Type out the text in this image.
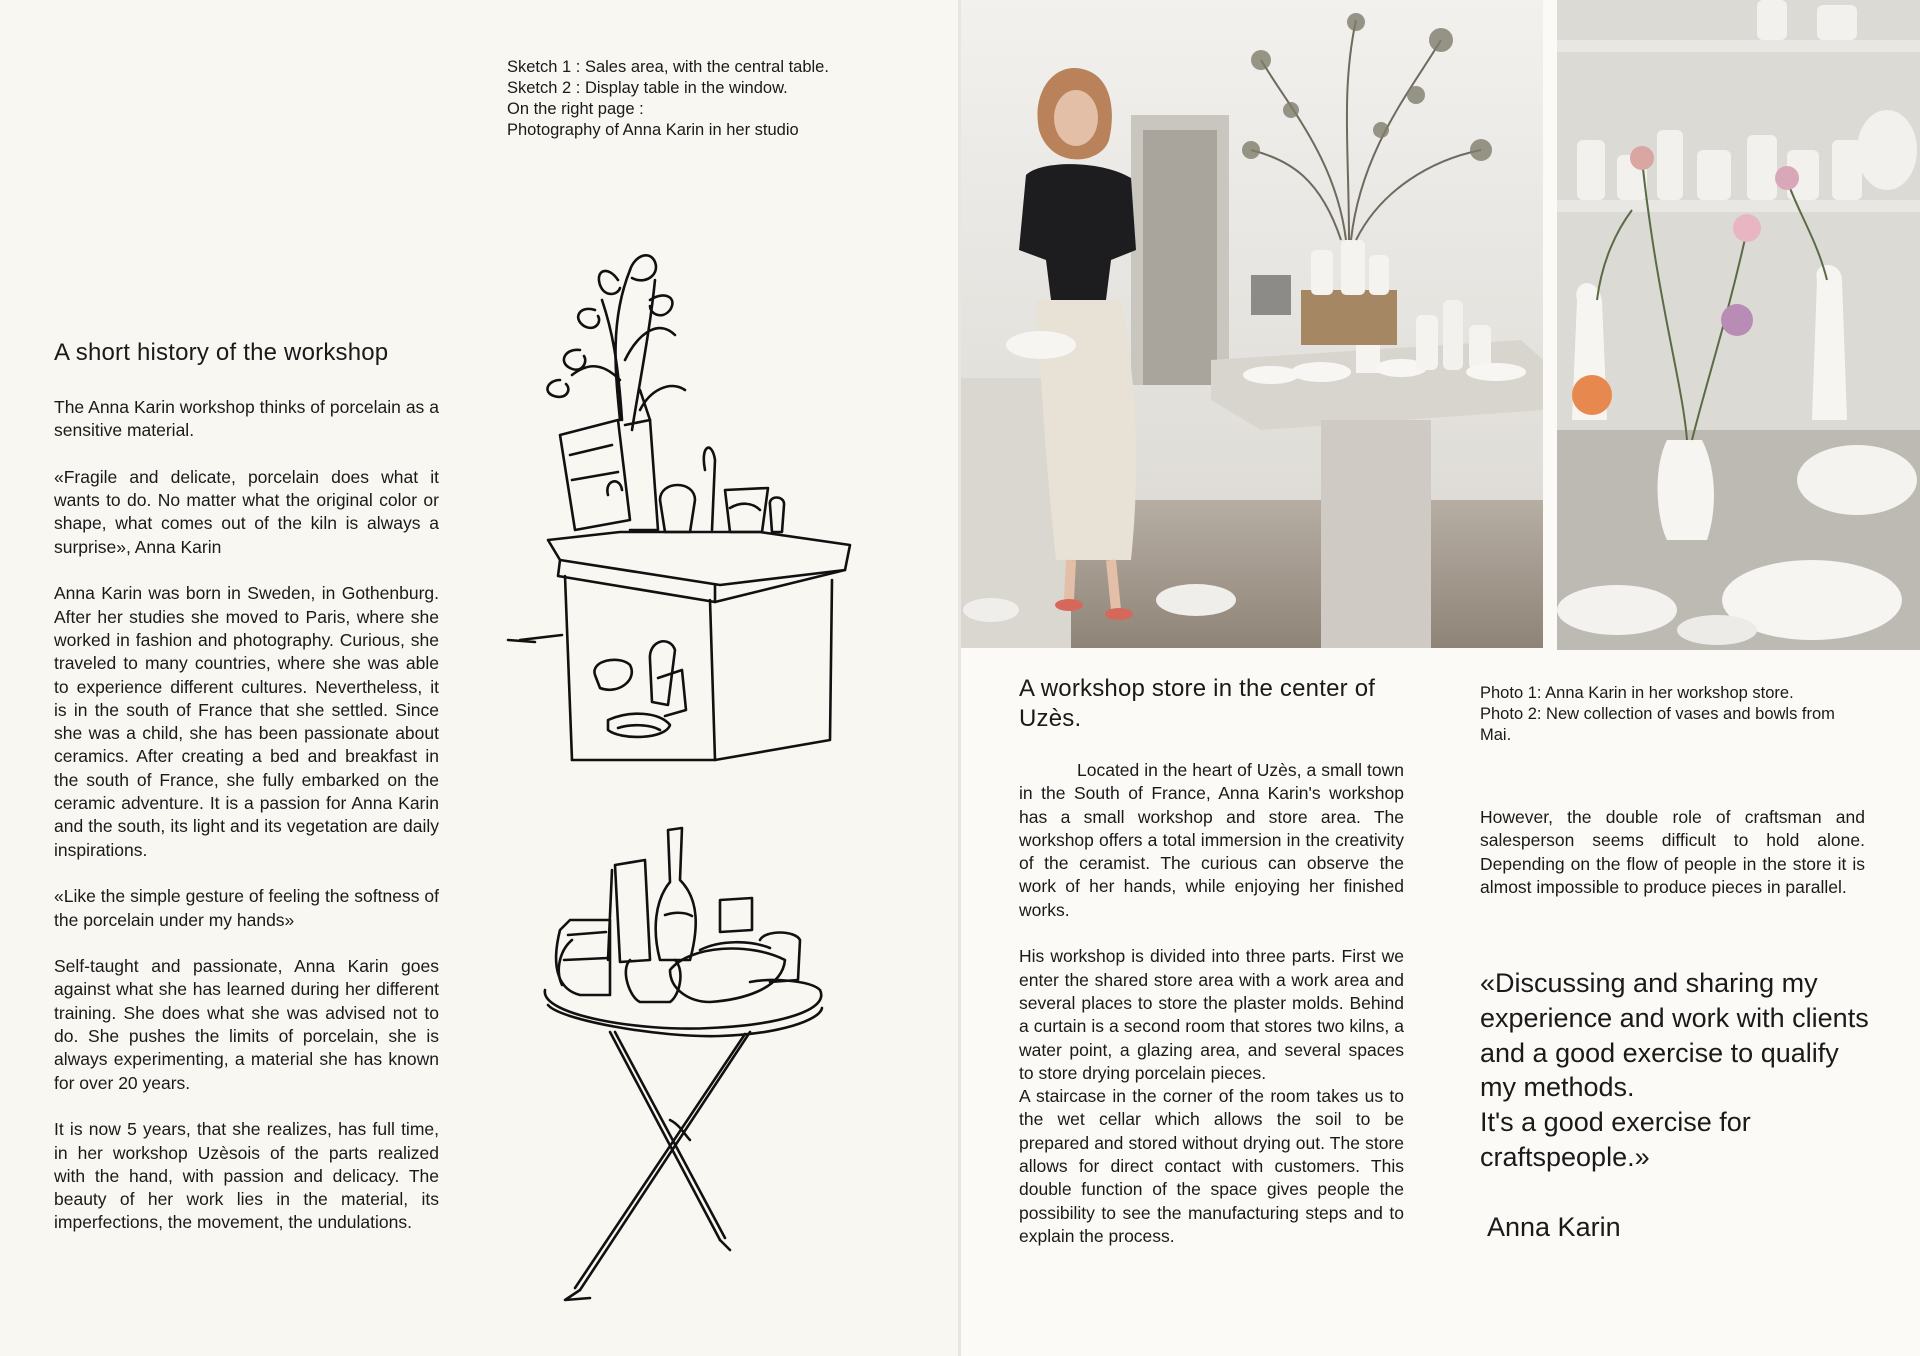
Sketch 1 : Sales area, with the central table.
Sketch 2 : Display table in the window.
On the right page :
Photography of Anna Karin in her studio
A short history of the workshop

The Anna Karin workshop thinks of porcelain as a sensitive material.

«Fragile and delicate, porcelain does what it wants to do. No matter what the original color or shape, what comes out of the kiln is always a surprise», Anna Karin

Anna Karin was born in Sweden, in Gothenburg. After her studies she moved to Paris, where she worked in fashion and photography. Curious, she traveled to many countries, where she was able to experience different cultures. Nevertheless, it is in the south of France that she settled. Since she was a child, she has been passionate about ceramics. After creating a bed and breakfast in the south of France, she fully embarked on the ceramic adventure. It is a passion for Anna Karin and the south, its light and its vegetation are daily inspirations.

«Like the simple gesture of feeling the softness of the porcelain under my hands»

Self-taught and passionate, Anna Karin goes against what she has learned during her different training. She does what she was advised not to do. She pushes the limits of porcelain, she is always experimenting, a material she has known for over 20 years.

It is now 5 years, that she realizes, has full time, in her workshop Uzèsois of the parts realized with the hand, with passion and delicacy. The beauty of her work lies in the material, its imperfections, the movement, the undulations.

A workshop store in the center of Uzès.

Located in the heart of Uzès, a small town in the South of France, Anna Karin's workshop has a small workshop and store area. The workshop offers a total immersion in the creativity of the ceramist. The curious can observe the work of her hands, while enjoying her finished works.

His workshop is divided into three parts. First we enter the shared store area with a work area and several places to store the plaster molds. Behind a curtain is a second room that stores two kilns, a water point, a glazing area, and several spaces to store drying porcelain pieces.

A staircase in the corner of the room takes us to the wet cellar which allows the soil to be prepared and stored without drying out. The store allows for direct contact with customers. This double function of the space gives people the possibility to see the manufacturing steps and to explain the process.

Photo 1: Anna Karin in her workshop store.
Photo 2: New collection of vases and bowls from Mai.

However, the double role of craftsman and salesperson seems difficult to hold alone. Depending on the flow of people in the store it is almost impossible to produce pieces in parallel.

«Discussing and sharing my experience and work with clients and a good exercise to qualify my methods.
It's a good exercise for craftspeople.»
Anna Karin
